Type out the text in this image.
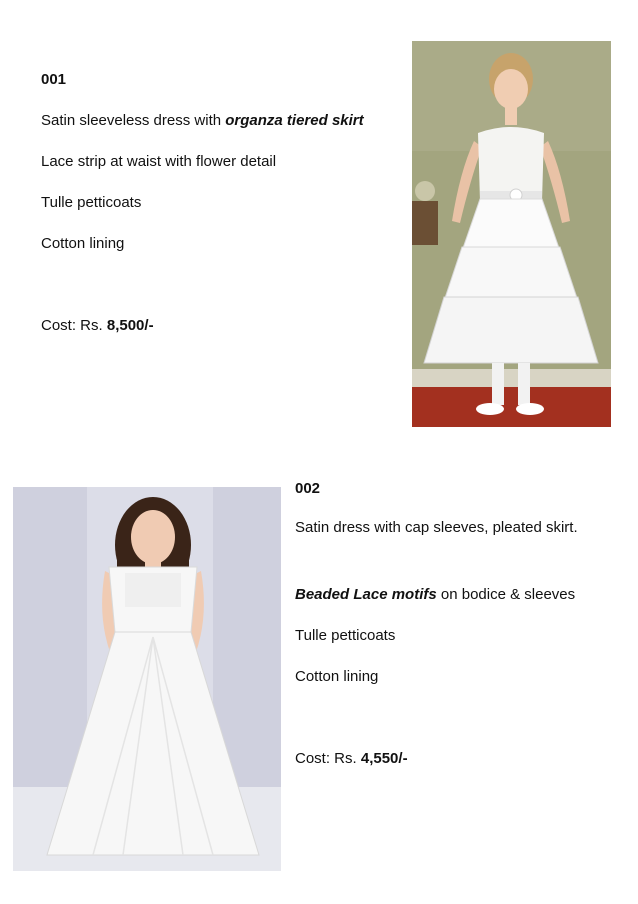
001
Satin sleeveless dress with organza tiered skirt
Lace strip at waist with flower detail
Tulle petticoats
Cotton lining
Cost: Rs. 8,500/-
002
Satin dress with cap sleeves, pleated skirt.
Beaded Lace motifs on bodice & sleeves
Tulle petticoats
Cotton lining
Cost: Rs. 4,550/-
